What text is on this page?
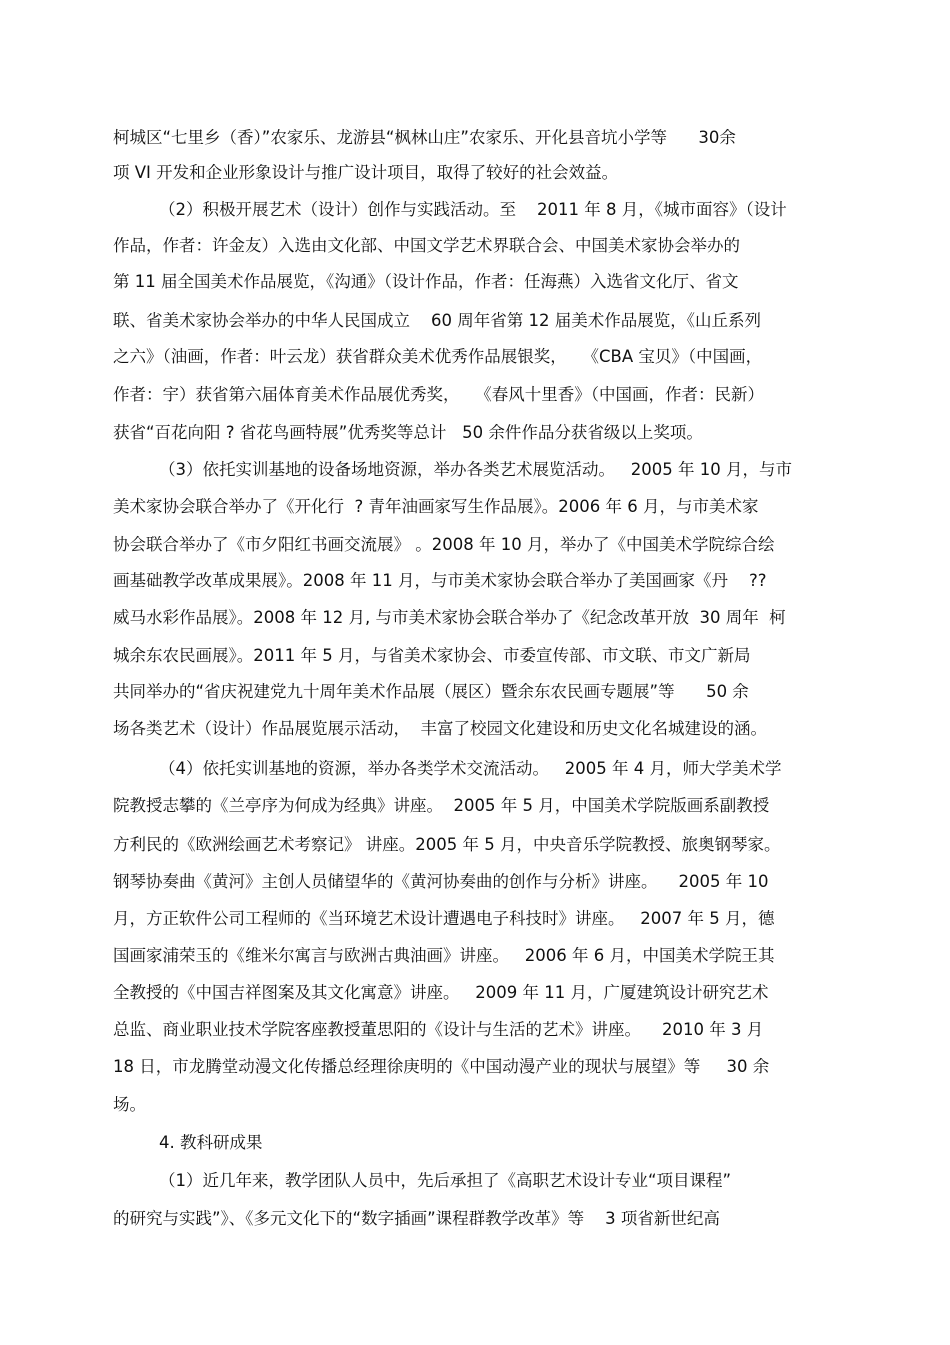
柯城区“七里乡（香）”农家乐、龙游县“枫林山庄”农家乐、开化县音坑小学等      30余
项 VI 开发和企业形象设计与推广设计项目，取得了较好的社会效益。
（2）积极开展艺术（设计）创作与实践活动。至    2011 年 8 月，《城市面容》（设计
作品，作者：许金友）入选由文化部、中国文学艺术界联合会、中国美术家协会举办的
第 11 届全国美术作品展览，《沟通》（设计作品，作者：任海燕）入选省文化厅、省文
联、省美术家协会举办的中华人民国成立    60 周年省第 12 届美术作品展览，《山丘系列
之六》（油画，作者：叶云龙）获省群众美术优秀作品展银奖，   《CBA 宝贝》（中国画，
作者：宇）获省第六届体育美术作品展优秀奖，   《春风十里香》（中国画，作者：民新）
获省“百花向阳 ? 省花鸟画特展”优秀奖等总计   50 余件作品分获省级以上奖项。
（3）依托实训基地的设备场地资源，举办各类艺术展览活动。   2005 年 10 月，与市
美术家协会联合举办了《开化行  ? 青年油画家写生作品展》。2006 年 6 月，与市美术家
协会联合举办了《市夕阳红书画交流展》 。2008 年 10 月，举办了《中国美术学院综合绘
画基础教学改革成果展》。2008 年 11 月，与市美术家协会联合举办了美国画家《丹    ??
威马水彩作品展》。2008 年 12 月, 与市美术家协会联合举办了《纪念改革开放  30 周年  柯
城余东农民画展》。2011 年 5 月，与省美术家协会、市委宣传部、市文联、市文广新局
共同举办的“省庆祝建党九十周年美术作品展（展区）暨余东农民画专题展”等      50 余
场各类艺术（设计）作品展览展示活动，  丰富了校园文化建设和历史文化名城建设的涵。
（4）依托实训基地的资源，举办各类学术交流活动。   2005 年 4 月，师大学美术学
院教授志攀的《兰亭序为何成为经典》讲座。  2005 年 5 月，中国美术学院版画系副教授
方利民的《欧洲绘画艺术考察记》 讲座。2005 年 5 月，中央音乐学院教授、旅奥钢琴家。
钢琴协奏曲《黄河》主创人员储望华的《黄河协奏曲的创作与分析》讲座。    2005 年 10
月，方正软件公司工程师的《当环境艺术设计遭遇电子科技时》讲座。   2007 年 5 月，德
国画家浦荣玉的《维米尔寓言与欧洲古典油画》讲座。   2006 年 6 月，中国美术学院王其
全教授的《中国吉祥图案及其文化寓意》讲座。   2009 年 11 月，广厦建筑设计研究艺术
总监、商业职业技术学院客座教授董思阳的《设计与生活的艺术》讲座。    2010 年 3 月
18 日，市龙腾堂动漫文化传播总经理徐庚明的《中国动漫产业的现状与展望》等     30 余
场。
4. 教科研成果
（1）近几年来，教学团队人员中，先后承担了《高职艺术设计专业“项目课程”
的研究与实践”》、《多元文化下的“数字插画”课程群教学改革》等    3 项省新世纪高
